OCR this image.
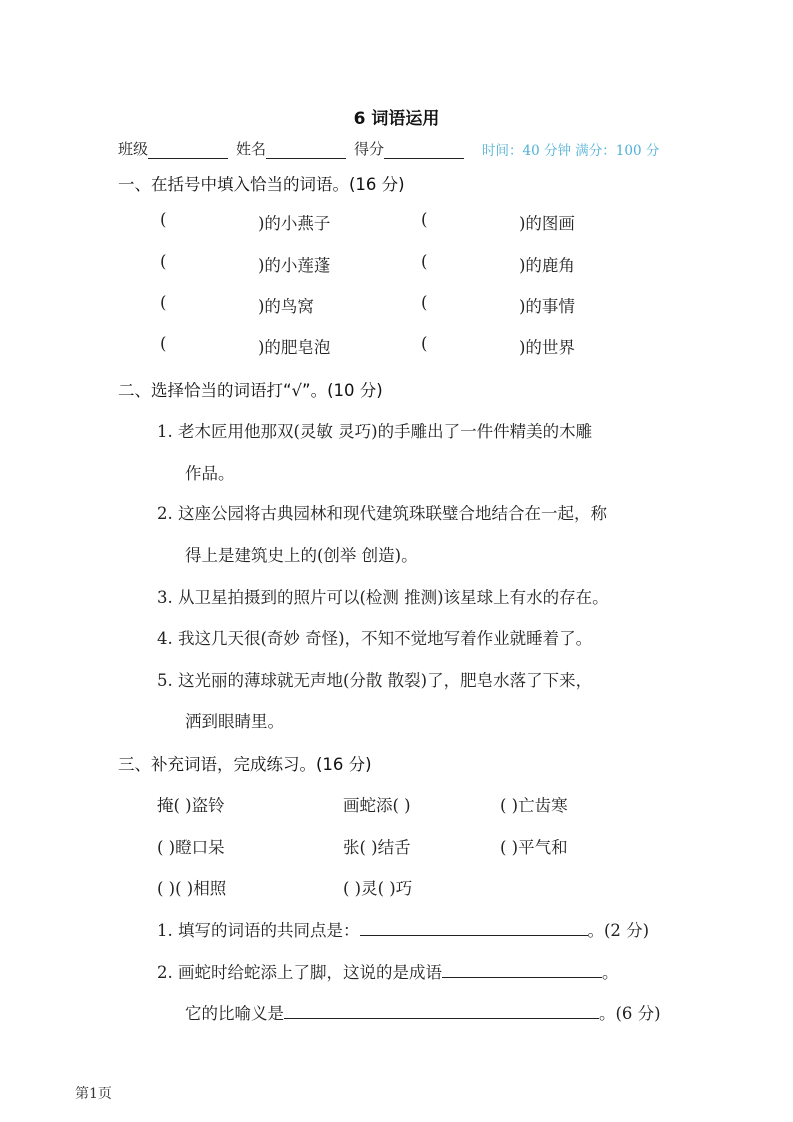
6 词语运用
班级	姓名	得分	时间：40 分钟 满分：100 分
一、在括号中填入恰当的词语。(16 分)
(	)的小燕子	(	)的图画
(	)的小莲蓬	(	)的鹿角
(	)的鸟窝	(	)的事情
(	)的肥皂泡	(	)的世界
二、选择恰当的词语打“√”。(10 分)
1. 老木匠用他那双(灵敏 灵巧)的手雕出了一件件精美的木雕
作品。
2. 这座公园将古典园林和现代建筑珠联璧合地结合在一起，称
得上是建筑史上的(创举 创造)。
3. 从卫星拍摄到的照片可以(检测 推测)该星球上有水的存在。
4. 我这几天很(奇妙 奇怪)，不知不觉地写着作业就睡着了。
5. 这光丽的薄球就无声地(分散 散裂)了，肥皂水落了下来，
洒到眼睛里。
三、补充词语，完成练习。(16 分)
掩( )盗铃	画蛇添( )	( )亡齿寒
( )瞪口呆	张( )结舌	( )平气和
( )( )相照	( )灵( )巧
1. 填写的词语的共同点是：	。(2 分)
2. 画蛇时给蛇添上了脚，这说的是成语	。
它的比喻义是	。(6 分)
第1页
